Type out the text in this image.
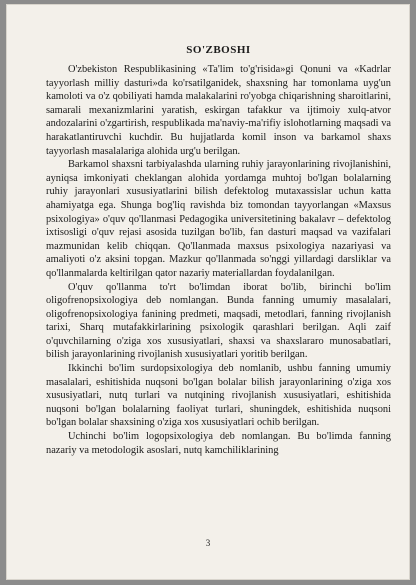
SO'ZBOSHI

O'zbekiston Respublikasining «Ta'lim to'g'risida»gi Qonuni va «Kadrlar tayyorlash milliy dasturi»da ko'rsatilganidek, shaxsning har tomonlama uyg'un kamoloti va o'z qobiliyati hamda malakalarini ro'yobga chiqarishning sharoitlarini, samarali mexanizmlarini yaratish, eskirgan tafakkur va ijtimoiy xulq-atvor andozalarini o'zgartirish, respublikada ma'naviy-ma'rifiy islohotlarning maqsadi va harakatlantiruvchi kuchdir. Bu hujjatlarda komil inson va barkamol shaxs tayyorlash masalalariga alohida urg'u berilgan.

Barkamol shaxsni tarbiyalashda ularning ruhiy jarayonlarining rivojlanishini, ayniqsa imkoniyati cheklangan alohida yordamga muhtoj bo'lgan bolalarning ruhiy jarayonlari xususiyatlarini bilish defektolog mutaxassislar uchun katta ahamiyatga ega. Shunga bog'liq ravishda biz tomondan tayyorlangan «Maxsus psixologiya» o'quv qo'llanmasi Pedagogika universitetining bakalavr – defektolog ixtisosligi o'quv rejasi asosida tuzilgan bo'lib, fan dasturi maqsad va vazifalari mazmunidan kelib chiqqan. Qo'llanmada maxsus psixologiya nazariyasi va amaliyoti o'z aksini topgan. Mazkur qo'llanmada so'nggi yillardagi darsliklar va qo'llanmalarda keltirilgan qator nazariy materiallardan foydalanilgan.

O'quv qo'llanma to'rt bo'limdan iborat bo'lib, birinchi bo'lim oligofrenopsixologiya deb nomlangan. Bunda fanning umumiy masalalari, oligofrenopsixologiya fanining predmeti, maqsadi, metodlari, fanning rivojlanish tarixi, Sharq mutafakkirlarining psixologik qarashlari berilgan. Aqli zaif o'quvchilarning o'ziga xos xususiyatlari, shaxsi va shaxslararo munosabatlari, bilish jarayonlarining rivojlanish xususiyatlari yoritib berilgan.

Ikkinchi bo'lim surdopsixologiya deb nomlanib, ushbu fanning umumiy masalalari, eshitishida nuqsoni bo'lgan bolalar bilish jarayonlarining o'ziga xos xususiyatlari, nutq turlari va nutqining rivojlanish xususiyatlari, eshitishida nuqsoni bo'lgan bolalarning faoliyat turlari, shuningdek, eshitishida nuqsoni bo'lgan bolalar shaxsining o'ziga xos xususiyatlari ochib berilgan.

Uchinchi bo'lim logopsixologiya deb nomlangan. Bu bo'limda fanning nazariy va metodologik asoslari, nutq kamchiliklarining

3
